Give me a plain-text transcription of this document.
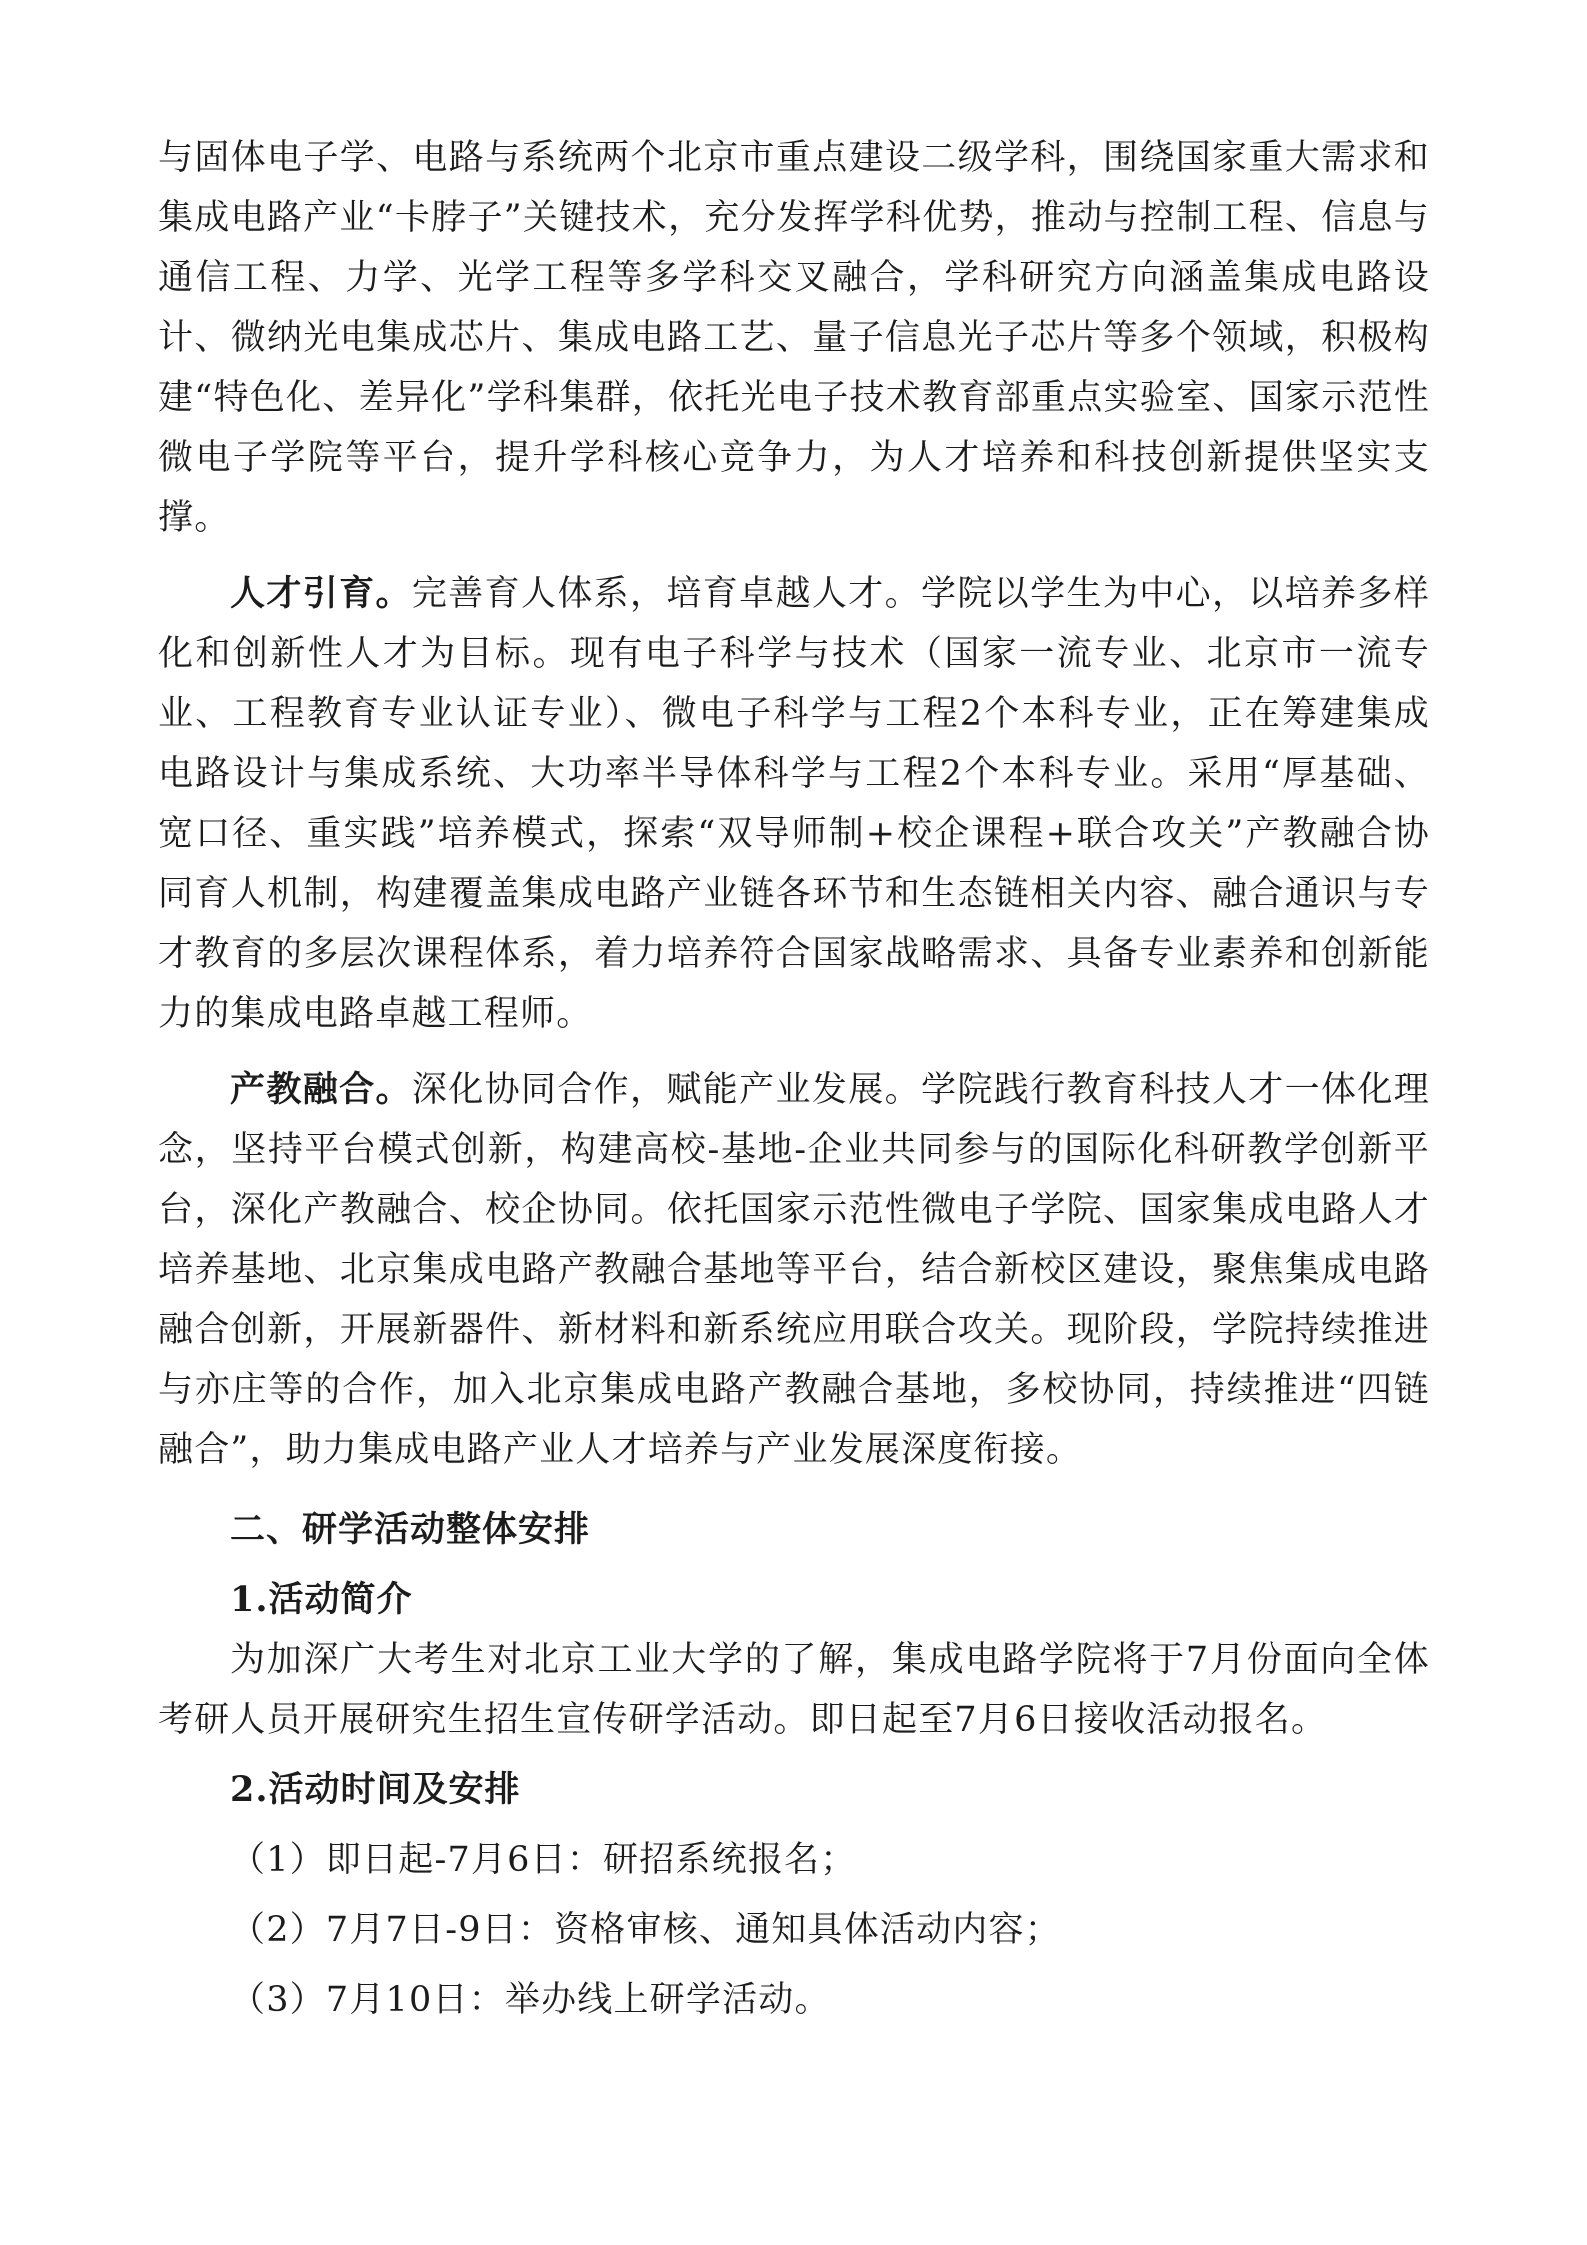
与固体电子学、电路与系统两个北京市重点建设二级学科，围绕国家重大需求和集成电路产业“卡脖子”关键技术，充分发挥学科优势，推动与控制工程、信息与通信工程、力学、光学工程等多学科交叉融合，学科研究方向涵盖集成电路设计、微纳光电集成芯片、集成电路工艺、量子信息光子芯片等多个领域，积极构建“特色化、差异化”学科集群，依托光电子技术教育部重点实验室、国家示范性微电子学院等平台，提升学科核心竞争力，为人才培养和科技创新提供坚实支撑。

人才引育。完善育人体系，培育卓越人才。学院以学生为中心，以培养多样化和创新性人才为目标。现有电子科学与技术（国家一流专业、北京市一流专业、工程教育专业认证专业）、微电子科学与工程2个本科专业，正在筹建集成电路设计与集成系统、大功率半导体科学与工程2个本科专业。采用“厚基础、宽口径、重实践”培养模式，探索“双导师制+校企课程+联合攻关”产教融合协同育人机制，构建覆盖集成电路产业链各环节和生态链相关内容、融合通识与专才教育的多层次课程体系，着力培养符合国家战略需求、具备专业素养和创新能力的集成电路卓越工程师。

产教融合。深化协同合作，赋能产业发展。学院践行教育科技人才一体化理念，坚持平台模式创新，构建高校-基地-企业共同参与的国际化科研教学创新平台，深化产教融合、校企协同。依托国家示范性微电子学院、国家集成电路人才培养基地、北京集成电路产教融合基地等平台，结合新校区建设，聚焦集成电路融合创新，开展新器件、新材料和新系统应用联合攻关。现阶段，学院持续推进与亦庄等的合作，加入北京集成电路产教融合基地，多校协同，持续推进“四链融合”，助力集成电路产业人才培养与产业发展深度衔接。

二、研学活动整体安排

1.活动简介

为加深广大考生对北京工业大学的了解，集成电路学院将于7月份面向全体考研人员开展研究生招生宣传研学活动。即日起至7月6日接收活动报名。

2.活动时间及安排

（1）即日起-7月6日：研招系统报名；

（2）7月7日-9日：资格审核、通知具体活动内容；

（3）7月10日：举办线上研学活动。
